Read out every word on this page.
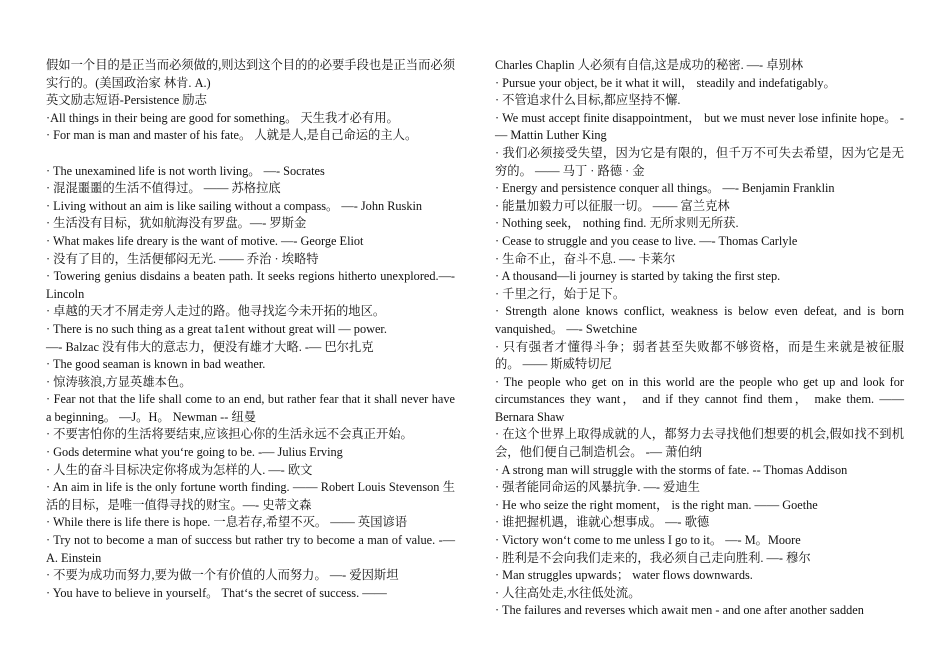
假如一个目的是正当而必须做的,则达到这个目的的必要手段也是正当而必须实行的。(美国政治家 林肯. A.)
英文励志短语-Persistence 励志
·All things in their being are good for something。 天生我才必有用。
· For man is man and master of his fate。 人就是人,是自己命运的主人。
· The unexamined life is not worth living。 —- Socrates
· 混混噩噩的生活不值得过。 —— 苏格拉底
· Living without an aim is like sailing without a compass。 —- John Ruskin
· 生活没有目标，犹如航海没有罗盘。—- 罗斯金
· What makes life dreary is the want of motive. —- George Eliot
· 没有了目的，生活便郁闷无光. —— 乔治 · 埃略特
· Towering genius disdains a beaten path. It seeks regions hitherto unexplored.—- Lincoln
· 卓越的天才不屑走旁人走过的路。他寻找迄今未开拓的地区。
· There is no such thing as a great ta1ent without great will — power.
—- Balzac 没有伟大的意志力，便没有雄才大略. -— 巴尔扎克
· The good seaman is known in bad weather.
· 惊涛骇浪,方显英雄本色。
· Fear not that the life shall come to an end, but rather fear that it shall never have a beginning。 —J。H。 Newman -- 纽曼
· 不要害怕你的生活将要结束,应该担心你的生活永远不会真正开始。
· Gods determine what you‘re going to be. -— Julius Erving
· 人生的奋斗目标决定你将成为怎样的人. —- 欧文
· An aim in life is the only fortune worth finding. —— Robert Louis Stevenson 生活的目标，是唯一值得寻找的财宝。—- 史蒂文森
· While there is life there is hope. 一息若存,希望不灭。 —— 英国谚语
· Try not to become a man of success but rather try to become a man of value. -— A. Einstein
· 不要为成功而努力,要为做一个有价值的人而努力。 —- 爱因斯坦
· You have to believe in yourself。 That‘s the secret of success. ——
Charles Chaplin 人必须有自信,这是成功的秘密. —- 卓别林
· Pursue your object, be it what it will， steadily and indefatigably。
· 不管追求什么目标,都应坚持不懈.
· We must accept finite disappointment， but we must never lose infinite hope。 -— Mattin Luther King
· 我们必须接受失望，因为它是有限的，但千万不可失去希望，因为它是无穷的。 —— 马丁 · 路德 · 金
· Energy and persistence conquer all things。 —- Benjamin Franklin
· 能量加毅力可以征服一切。 —— 富兰克林
· Nothing seek， nothing find. 无所求则无所获.
· Cease to struggle and you cease to live. —- Thomas Carlyle
· 生命不止，奋斗不息. —- 卡莱尔
· A thousand—li journey is started by taking the first step.
· 千里之行，始于足下。
· Strength alone knows conflict, weakness is below even defeat, and is born vanquished。 —- Swetchine
· 只有强者才懂得斗争；弱者甚至失败都不够资格，而是生来就是被征服的。 —— 斯威特切尼
· The people who get on in this world are the people who get up and look for circumstances they want， and if they cannot find them， make them. —— Bernara Shaw
· 在这个世界上取得成就的人，都努力去寻找他们想要的机会,假如找不到机会，他们便自己制造机会。 -— 萧伯纳
· A strong man will struggle with the storms of fate. -- Thomas Addison
· 强者能同命运的风暴抗争. —- 爱迪生
· He who seize the right moment， is the right man. —— Goethe
· 谁把握机遇，谁就心想事成。 —- 歌德
· Victory won‘t come to me unless I go to it。 —- M。Moore
· 胜利是不会向我们走来的，我必须自己走向胜利. —- 穆尔
· Man struggles upwards； water flows downwards.
· 人往高处走,水往低处流。
· The failures and reverses which await men - and one after another sadden
